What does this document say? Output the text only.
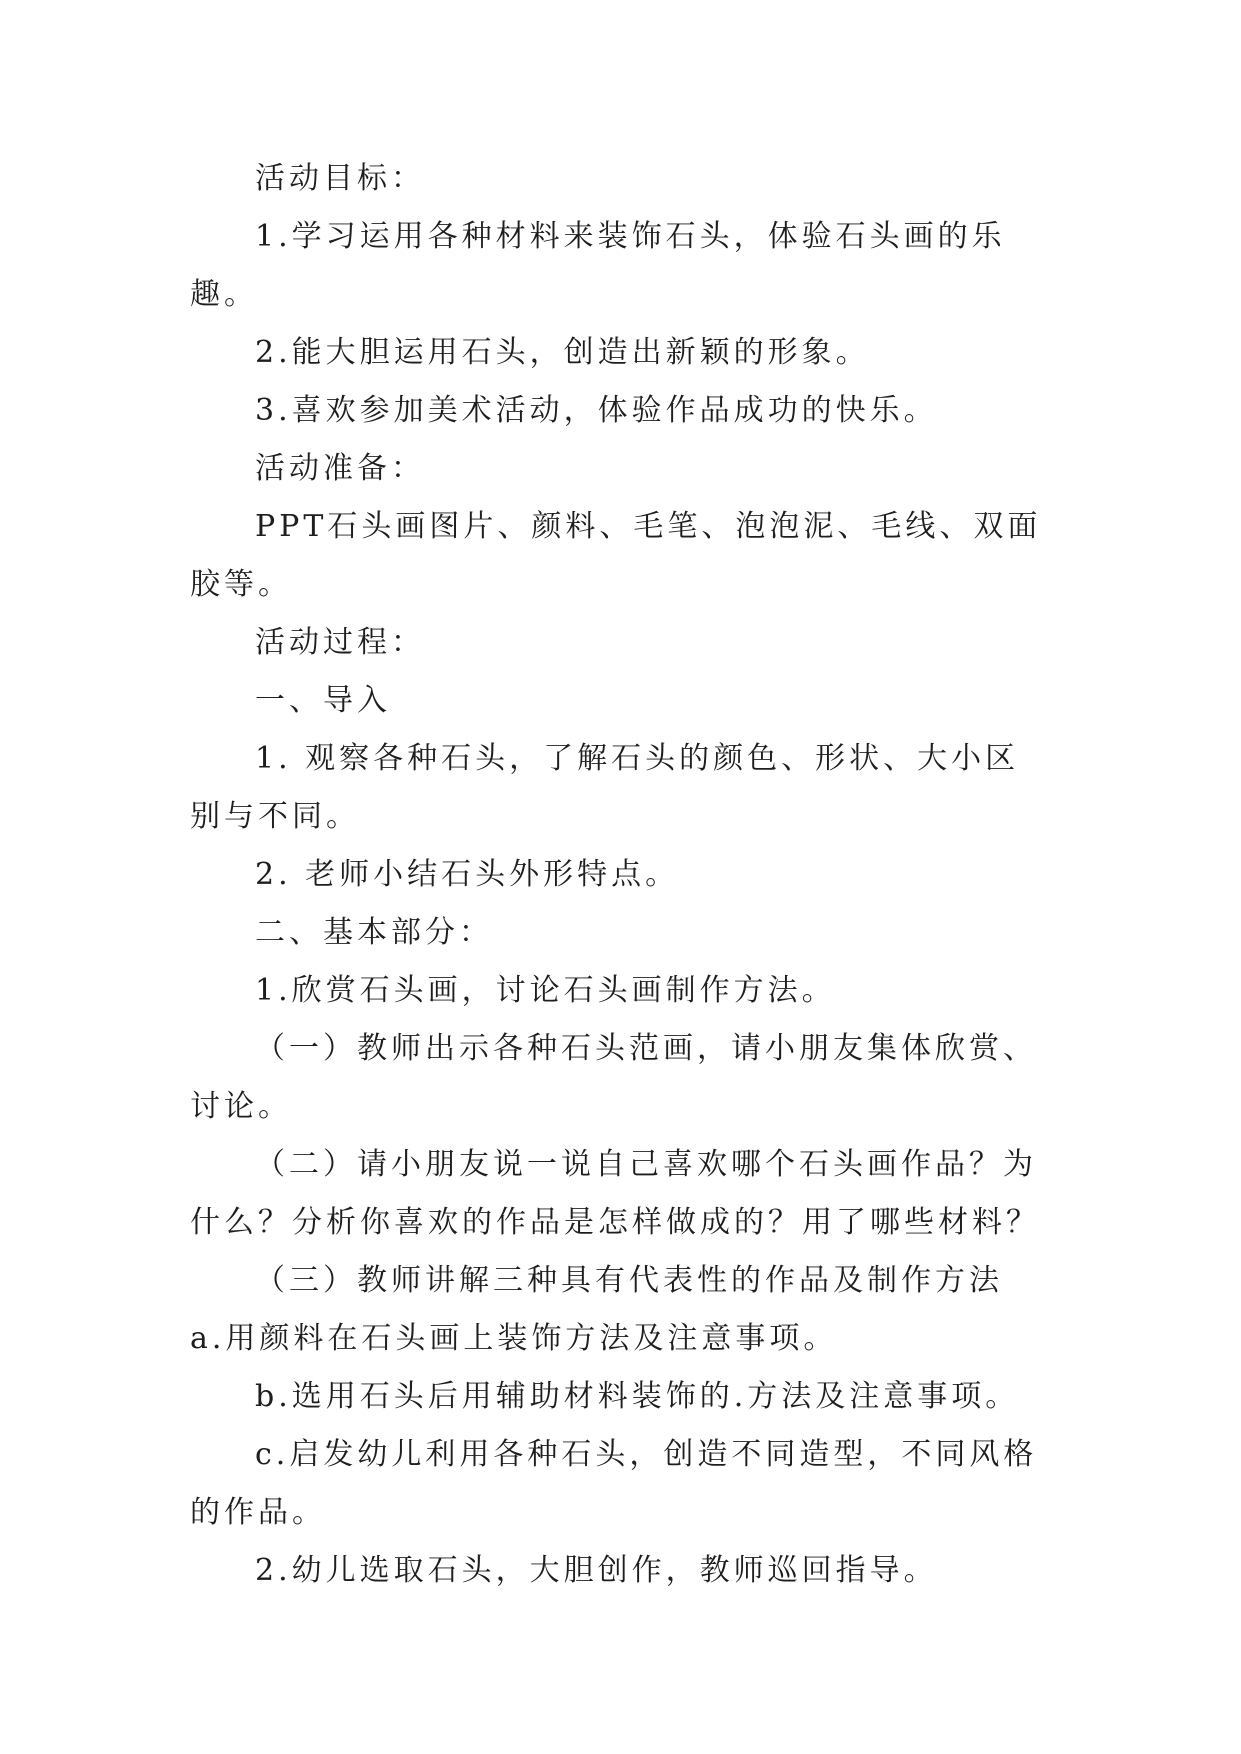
活动目标：

1.学习运用各种材料来装饰石头，体验石头画的乐趣。

2.能大胆运用石头，创造出新颖的形象。

3.喜欢参加美术活动，体验作品成功的快乐。

活动准备：

PPT石头画图片、颜料、毛笔、泡泡泥、毛线、双面胶等。

活动过程：

一、导入

1. 观察各种石头，了解石头的颜色、形状、大小区别与不同。

2. 老师小结石头外形特点。

二、基本部分：

1.欣赏石头画，讨论石头画制作方法。

（一）教师出示各种石头范画，请小朋友集体欣赏、讨论。

（二）请小朋友说一说自己喜欢哪个石头画作品？为什么？分析你喜欢的作品是怎样做成的？用了哪些材料？

（三）教师讲解三种具有代表性的作品及制作方法 a.用颜料在石头画上装饰方法及注意事项。

b.选用石头后用辅助材料装饰的.方法及注意事项。

c.启发幼儿利用各种石头，创造不同造型，不同风格的作品。

2.幼儿选取石头，大胆创作，教师巡回指导。
